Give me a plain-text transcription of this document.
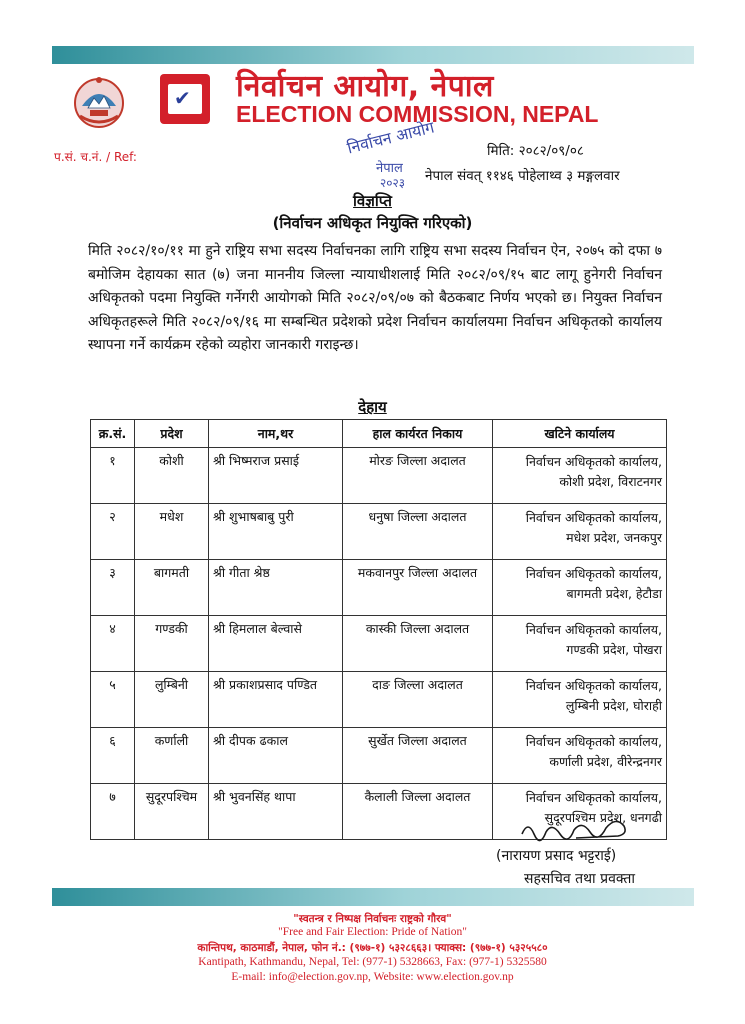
✔ निर्वाचन आयोग, नेपाल
ELECTION COMMISSION, NEPAL
निर्वाचन आयोग
नेपाल
२०२३
प.सं. च.नं. / Ref:	मिति: २०८२/०९/०८
नेपाल संवत् ११४६ पोहेलाथ्व ३ मङ्गलवार
विज्ञप्ति
(निर्वाचन अधिकृत नियुक्ति गरिएको)
मिति २०८२/१०/११ मा हुने राष्ट्रिय सभा सदस्य निर्वाचनका लागि राष्ट्रिय सभा सदस्य निर्वाचन ऐन, २०७५ को दफा ७ बमोजिम देहायका सात (७) जना माननीय जिल्ला न्यायाधीशलाई मिति २०८२/०९/१५ बाट लागू हुनेगरी निर्वाचन अधिकृतको पदमा नियुक्ति गर्नेगरी आयोगको मिति २०८२/०९/०७ को बैठकबाट निर्णय भएको छ। नियुक्त निर्वाचन अधिकृतहरूले मिति २०८२/०९/१६ मा सम्बन्धित प्रदेशको प्रदेश निर्वाचन कार्यालयमा निर्वाचन अधिकृतको कार्यालय स्थापना गर्ने कार्यक्रम रहेको व्यहोरा जानकारी गराइन्छ।
देहाय
क्र.सं.	प्रदेश	नाम,थर	हाल कार्यरत निकाय	खटिने कार्यालय
१	कोशी	श्री भिष्मराज प्रसाई	मोरङ जिल्ला अदालत	निर्वाचन अधिकृतको कार्यालय,
कोशी प्रदेश, विराटनगर

२	मधेश	श्री शुभाषबाबु पुरी	धनुषा जिल्ला अदालत	निर्वाचन अधिकृतको कार्यालय,
मधेश प्रदेश, जनकपुर

३	बागमती	श्री गीता श्रेष्ठ	मकवानपुर जिल्ला अदालत	निर्वाचन अधिकृतको कार्यालय,
बागमती प्रदेश, हेटौडा

४	गण्डकी	श्री हिमलाल बेल्वासे	कास्की जिल्ला अदालत	निर्वाचन अधिकृतको कार्यालय,
गण्डकी प्रदेश, पोखरा

५	लुम्बिनी	श्री प्रकाशप्रसाद पण्डित	दाङ जिल्ला अदालत	निर्वाचन अधिकृतको कार्यालय,
लुम्बिनी प्रदेश, घोराही

६	कर्णाली	श्री दीपक ढकाल	सुर्खेत जिल्ला अदालत	निर्वाचन अधिकृतको कार्यालय,
कर्णाली प्रदेश, वीरेन्द्रनगर

७	सुदूरपश्चिम	श्री भुवनसिंह थापा	कैलाली जिल्ला अदालत	निर्वाचन अधिकृतको कार्यालय,
सुदूरपश्चिम प्रदेश, धनगढी
(नारायण प्रसाद भट्टराई)
सहसचिव तथा प्रवक्ता
"स्वतन्त्र र निष्पक्ष निर्वाचनः राष्ट्रको गौरव"
"Free and Fair Election: Pride of Nation"
कान्तिपथ, काठमाडौं, नेपाल, फोन नं.: (९७७-१) ५३२८६६३। फ्याक्स: (९७७-१) ५३२५५८०
Kantipath, Kathmandu, Nepal, Tel: (977-1) 5328663, Fax: (977-1) 5325580
E-mail: info@election.gov.np, Website: www.election.gov.np
